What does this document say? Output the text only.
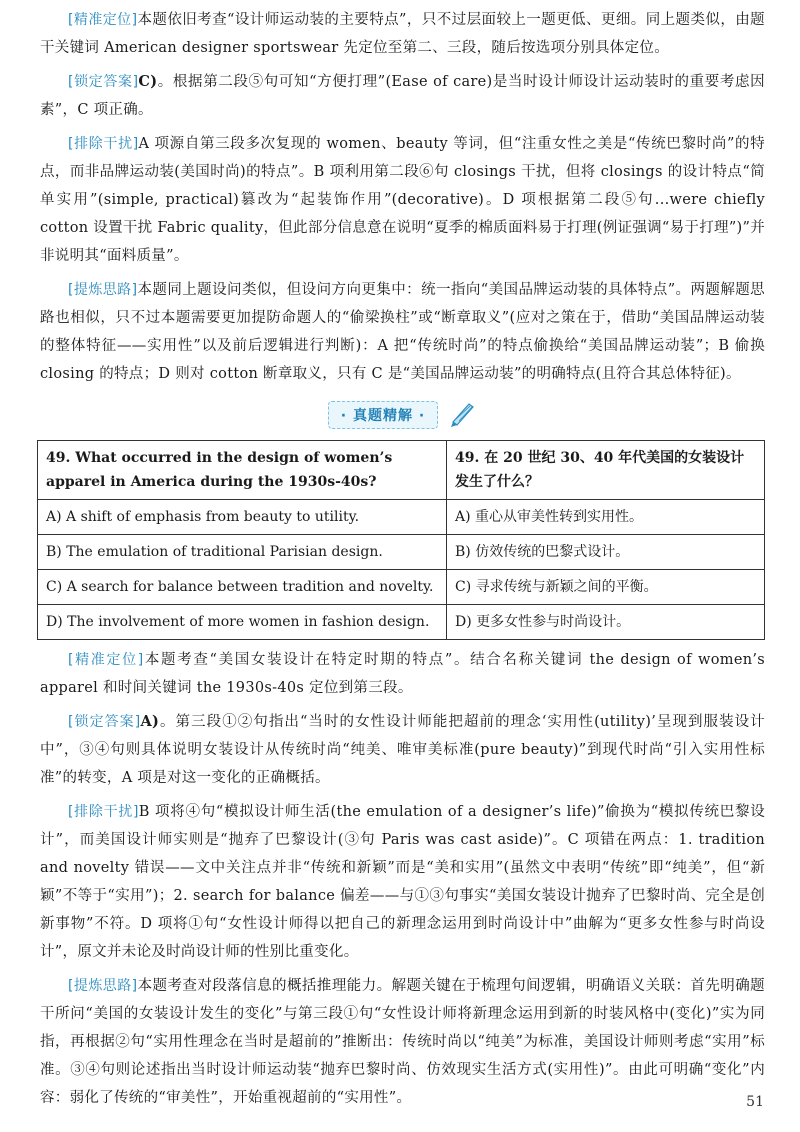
[精准定位]本题依旧考查“设计师运动装的主要特点”，只不过层面较上一题更低、更细。同上题类似，由题干关键词 American designer sportswear 先定位至第二、三段，随后按选项分别具体定位。

[锁定答案]C)。根据第二段⑤句可知“方便打理”(Ease of care)是当时设计师设计运动装时的重要考虑因素”，C 项正确。

[排除干扰]A 项源自第三段多次复现的 women、beauty 等词，但“注重女性之美是“传统巴黎时尚”的特点，而非品牌运动装(美国时尚)的特点”。B 项利用第二段⑥句 closings 干扰，但将 closings 的设计特点“简单实用”(simple, practical)篡改为“起装饰作用”(decorative)。D 项根据第二段⑤句...were chiefly cotton 设置干扰 Fabric quality，但此部分信息意在说明“夏季的棉质面料易于打理(例证强调“易于打理”)”并非说明其“面料质量”。

[提炼思路]本题同上题设问类似，但设问方向更集中：统一指向“美国品牌运动装的具体特点”。两题解题思路也相似，只不过本题需要更加提防命题人的“偷梁换柱”或“断章取义”(应对之策在于，借助“美国品牌运动装的整体特征——实用性”以及前后逻辑进行判断)：A 把“传统时尚”的特点偷换给“美国品牌运动装”；B 偷换 closing 的特点；D 则对 cotton 断章取义，只有 C 是“美国品牌运动装”的明确特点(且符合其总体特征)。

· 真题精解 ·
49. What occurred in the design of women’s apparel in America during the 1930s-40s?	49. 在 20 世纪 30、40 年代美国的女装设计发生了什么？
A) A shift of emphasis from beauty to utility.	A) 重心从审美性转到实用性。
B) The emulation of traditional Parisian design.	B) 仿效传统的巴黎式设计。
C) A search for balance between tradition and novelty.	C) 寻求传统与新颖之间的平衡。
D) The involvement of more women in fashion design.	D) 更多女性参与时尚设计。

[精准定位]本题考查“美国女装设计在特定时期的特点”。结合名称关键词 the design of women’s apparel 和时间关键词 the 1930s-40s 定位到第三段。

[锁定答案]A)。第三段①②句指出“当时的女性设计师能把超前的理念‘实用性(utility)’呈现到服装设计中”，③④句则具体说明女装设计从传统时尚“纯美、唯审美标准(pure beauty)”到现代时尚“引入实用性标准”的转变，A 项是对这一变化的正确概括。

[排除干扰]B 项将④句“模拟设计师生活(the emulation of a designer’s life)”偷换为“模拟传统巴黎设计”，而美国设计师实则是“抛弃了巴黎设计(③句 Paris was cast aside)”。C 项错在两点：1. tradition and novelty 错误——文中关注点并非“传统和新颖”而是“美和实用”(虽然文中表明“传统”即“纯美”，但“新颖”不等于“实用”)；2. search for balance 偏差——与①③句事实“美国女装设计抛弃了巴黎时尚、完全是创新事物”不符。D 项将①句“女性设计师得以把自己的新理念运用到时尚设计中”曲解为“更多女性参与时尚设计”，原文并未论及时尚设计师的性别比重变化。

[提炼思路]本题考查对段落信息的概括推理能力。解题关键在于梳理句间逻辑，明确语义关联：首先明确题干所问“美国的女装设计发生的变化”与第三段①句“女性设计师将新理念运用到新的时装风格中(变化)”实为同指，再根据②句“实用性理念在当时是超前的”推断出：传统时尚以“纯美”为标准，美国设计师则考虑“实用”标准。③④句则论述指出当时设计师运动装“抛弃巴黎时尚、仿效现实生活方式(实用性)”。由此可明确“变化”内容：弱化了传统的“审美性”，开始重视超前的“实用性”。	51
